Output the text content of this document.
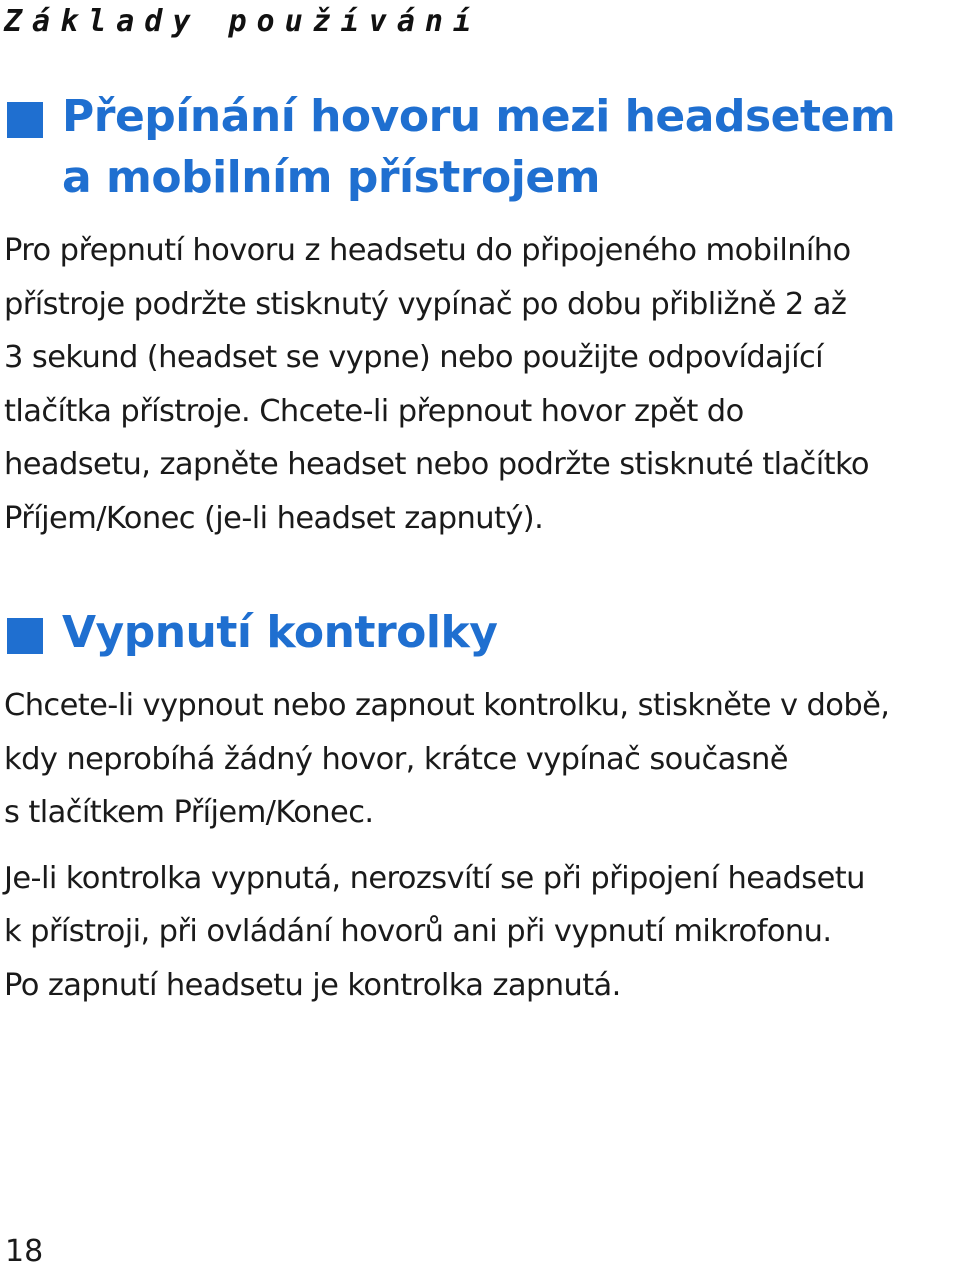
Základy používání
Přepínání hovoru mezi headsetem
a mobilním přístrojem

Pro přepnutí hovoru z headsetu do připojeného mobilního
přístroje podržte stisknutý vypínač po dobu přibližně 2 až
3 sekund (headset se vypne) nebo použijte odpovídající
tlačítka přístroje. Chcete-li přepnout hovor zpět do
headsetu, zapněte headset nebo podržte stisknuté tlačítko
Příjem/Konec (je-li headset zapnutý).

Vypnutí kontrolky

Chcete-li vypnout nebo zapnout kontrolku, stiskněte v době,
kdy neprobíhá žádný hovor, krátce vypínač současně
s tlačítkem Příjem/Konec.

Je-li kontrolka vypnutá, nerozsvítí se při připojení headsetu
k přístroji, při ovládání hovorů ani při vypnutí mikrofonu.
Po zapnutí headsetu je kontrolka zapnutá.

18
